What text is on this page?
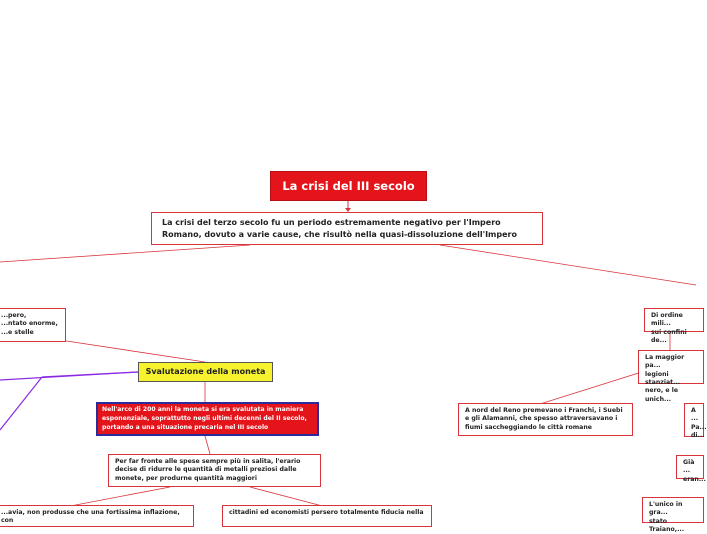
La crisi del III secolo
La crisi del terzo secolo fu un periodo estremamente negativo per l'Impero Romano, dovuto a varie cause, che risultò nella quasi-dissoluzione dell'Impero
...pero,
...ntato enorme,
...e stelle
Svalutazione della moneta
Nell'arco di 200 anni la moneta si era svalutata in maniera esponenziale, soprattutto negli ultimi decenni del II secolo, portando a una situazione precaria nel III secolo
Per far fronte alle spese sempre più in salita, l'erario decise di ridurre le quantità di metalli preziosi dalle monete, per produrne quantità maggiori
...avia, non produsse che una fortissima inflazione, con
cittadini ed economisti persero totalmente fiducia nella
Di ordine mili...
sui confini de...
La maggior pa...
legioni stanziat...
nero, e le unich...
A nord del Reno premevano i Franchi, i Suebi e gli Alamanni, che spesso attraversavano i fiumi saccheggiando le città romane
A ...
Pa...
di...
Già ...
eran...
L'unico in gra...
stato Traiano,...
